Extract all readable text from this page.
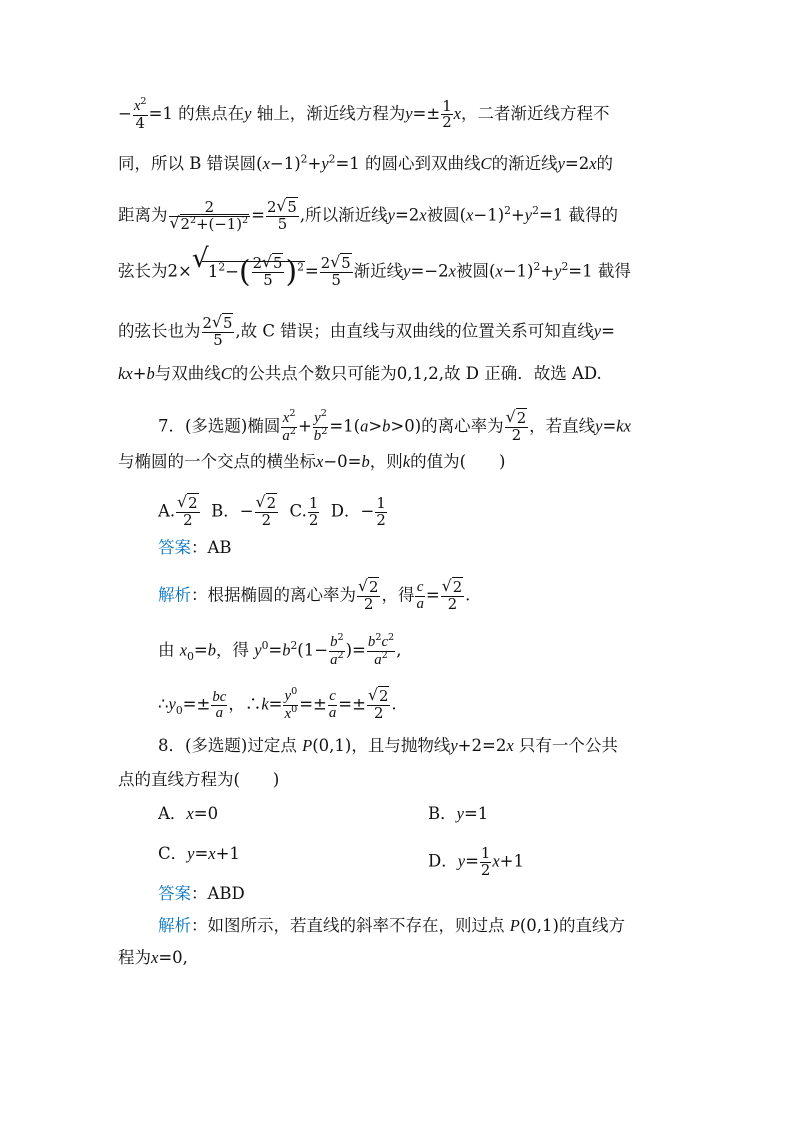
− $\frac{x^2}{4} =1$ 的焦点在y 轴上，渐近线方程为$y=\pm \frac{1}{2}$ x，二者渐近线方程不
同，所以 B 错误圆$(x-1)^2+y^2=1$ 的圆心到双曲线C的渐近线y=2x的
距离为 $\frac{2}{√ 2^2+(-1)^2} = \frac{2 √ 5}{5}$ ,所以渐近线y=2x被圆$(x-1)^2+y^2=1$ 截得的
弦长为2× √ $1^2-( \frac{2 √ 5}{5} )^2= \frac{2 √ 5}{5}$ 渐近线y=−2x被圆$(x-1)^2+y^2=1$ 截得
的弦长也为 $\frac{2 √ 5}{5}$ ,故 C 错误；由直线与双曲线的位置关系可知直线y=
kx+b与双曲线C的公共点个数只可能为0,1,2,故 D 正确．故选 AD.
7．(多选题)椭圆 $\frac{x^2}{a^2} + \frac{y^2}{b^2} =1(a>b>0)$的离心率为 $\frac{√ 2}{2}$ ，若直线y=kx
与椭圆的一个交点的横坐标x−0=b，则k的值为(　　)
A. $\frac{√ 2}{2}$ B．− $\frac{√ 2}{2} C$. $\frac{1}{2}$ D．− $\frac{1}{2}$
答案：AB
解析：根据椭圆的离心率为 $\frac{√ 2}{2}$ ，得 $\frac{c}{a} = \frac{√ 2}{2}$ .
由 $x_0=b$，得 $y^0=b^2(1- \frac{b^2}{a^2}$ )= $\frac{b^2c^2}{a^2}$ ,
$\therefore y_0=\pm \frac{bc}{a}$ ，∴k= $\frac{y^0}{x^0} =\pm \frac{c}{a} =\pm \frac{√ 2}{2}$ .
8．(多选题)过定点 P(0,1)，且与抛物线y+2=2x 只有一个公共
点的直线方程为(　　)
A．x=0	B．y=1
C．y=x+1	D．$y= \frac{1}{2} x+1$
答案：ABD
解析：如图所示，若直线的斜率不存在，则过点 P(0,1)的直线方
程为x=0,
